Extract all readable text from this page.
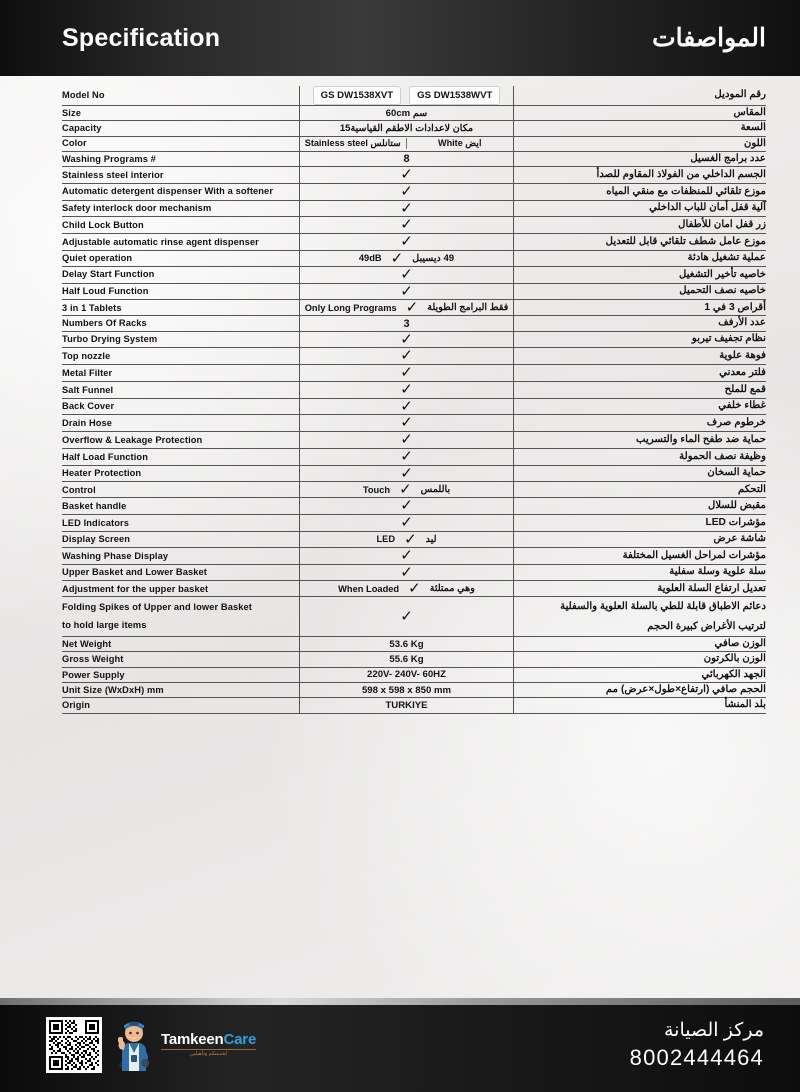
Specification	المواصفات
Model No	GS DW1538XVT GS DW1538WVT	رقم الموديل
Size	60cm سم	المقاس
Capacity	15مكان لاعدادات الاطقم القياسية	السعة
Color	Stainless steel ستانلس White ايض	اللون
Washing Programs #	8	عدد برامج الغسيل
Stainless steel interior	✓	الجسم الداخلي من الفولاذ المقاوم للصدأ
Automatic detergent dispenser With a softener	✓	موزع تلقائي للمنظفات مع منقي المياه
Safety interlock door mechanism	✓	آلية قفل أمان للباب الداخلي
Child Lock Button	✓	زر قفل امان للأطفال
Adjustable automatic rinse agent dispenser	✓	موزع عامل شطف تلقائي قابل للتعديل
Quiet operation	49dB ✓ 49 ديسيبل	عملية تشغيل هادئة
Delay Start Function	✓	خاصيه تأخير التشغيل
Half Loud Function	✓	خاصيه نصف التحميل
3 in 1 Tablets	Only Long Programs ✓ فقط البرامج الطويلة	أقراص 3 في 1
Numbers Of Racks	3	عدد الأرفف
Turbo Drying System	✓	نظام تجفيف تيربو
Top nozzle	✓	فوهة علوية
Metal Filter	✓	فلتر معدني
Salt Funnel	✓	قمع للملح
Back Cover	✓	غطاء خلفي
Drain Hose	✓	خرطوم صرف
Overflow & Leakage Protection	✓	حماية ضد طفح الماء والتسريب
Half Load Function	✓	وظيفة نصف الحمولة
Heater Protection	✓	حماية السخان
Control	Touch ✓ باللمس	التحكم
Basket handle	✓	مقبض للسلال
LED Indicators	✓	مؤشرات LED
Display Screen	LED ✓ ليد	شاشة عرض
Washing Phase Display	✓	مؤشرات لمراحل الغسيل المختلفة
Upper Basket and Lower Basket	✓	سلة علوية وسلة سفلية
Adjustment for the upper basket	When Loaded ✓ وهي ممتلئة	تعديل ارتفاع السلة العلوية

Folding Spikes of Upper and lower Basket
to hold large items	✓	دعائم الاطباق قابلة للطي بالسلة العلوية والسفلية
لترتيب الأغراض كبيرة الحجم

Net Weight	53.6 Kg	الوزن صافي
Gross Weight	55.6 Kg	الوزن بالكرتون
Power Supply	220V- 240V- 60HZ	الجهد الكهربائي
Unit Size (WxDxH) mm	598 x 598 x 850 mm	الحجم صافي (ارتفاع×طول×عرض) مم
Origin	TURKIYE	بلد المنشأ
TamkeenCare
لخدمتكم وتأهيلين
مركز الصيانة
8002444464
